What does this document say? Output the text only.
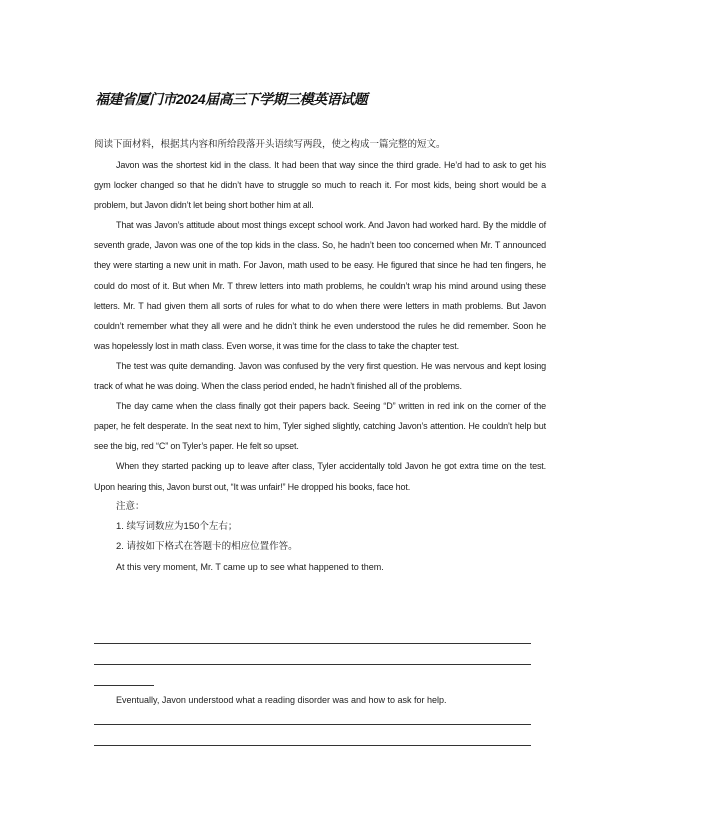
福建省厦门市2024届高三下学期三模英语试题

阅读下面材料，根据其内容和所给段落开头语续写两段，使之构成一篇完整的短文。

Javon was the shortest kid in the class. It had been that way since the third grade. He’d had to ask to get his gym locker changed so that he didn’t have to struggle so much to reach it. For most kids, being short would be a problem, but Javon didn’t let being short bother him at all.

That was Javon’s attitude about most things except school work. And Javon had worked hard. By the middle of seventh grade, Javon was one of the top kids in the class. So, he hadn’t been too concerned when Mr. T announced they were starting a new unit in math. For Javon, math used to be easy. He figured that since he had ten fingers, he could do most of it. But when Mr. T threw letters into math problems, he couldn’t wrap his mind around using these letters. Mr. T had given them all sorts of rules for what to do when there were letters in math problems. But Javon couldn’t remember what they all were and he didn’t think he even understood the rules he did remember. Soon he was hopelessly lost in math class. Even worse, it was time for the class to take the chapter test.

The test was quite demanding. Javon was confused by the very first question. He was nervous and kept losing track of what he was doing. When the class period ended, he hadn’t finished all of the problems.

The day came when the class finally got their papers back. Seeing “D” written in red ink on the corner of the paper, he felt desperate. In the seat next to him, Tyler sighed slightly, catching Javon’s attention. He couldn’t help but see the big, red “C” on Tyler’s paper. He felt so upset.

When they started packing up to leave after class, Tyler accidentally told Javon he got extra time on the test. Upon hearing this, Javon burst out, “It was unfair!” He dropped his books, face hot.

注意：

1. 续写词数应为150个左右；

2. 请按如下格式在答题卡的相应位置作答。

At this very moment, Mr. T came up to see what happened to them.

Eventually, Javon understood what a reading disorder was and how to ask for help.
